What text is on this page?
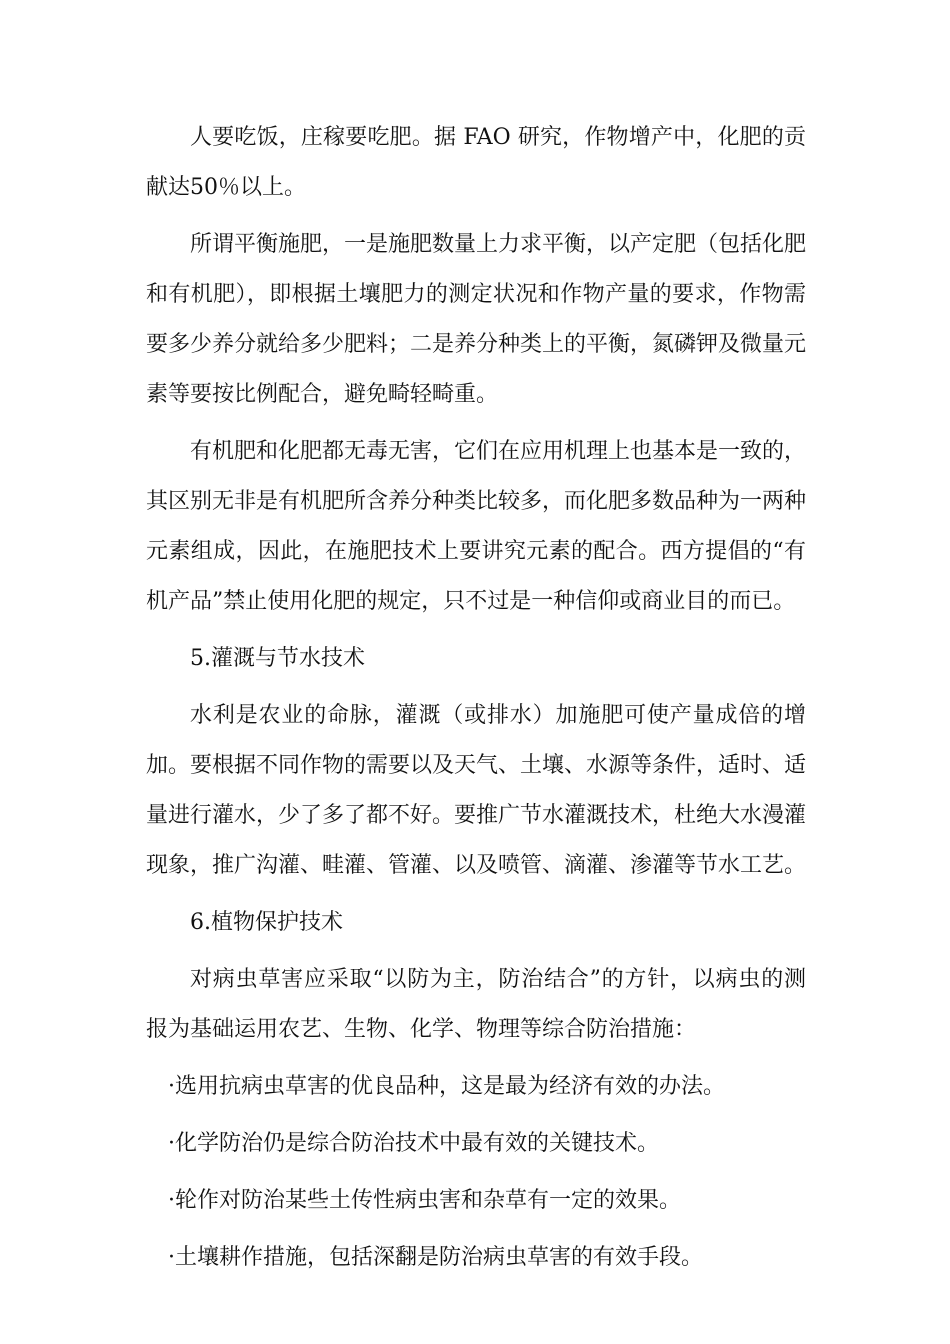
人要吃饭，庄稼要吃肥。据 FAO 研究，作物增产中，化肥的贡献达50％以上。

所谓平衡施肥，一是施肥数量上力求平衡，以产定肥（包括化肥和有机肥），即根据土壤肥力的测定状况和作物产量的要求，作物需要多少养分就给多少肥料；二是养分种类上的平衡，氮磷钾及微量元素等要按比例配合，避免畸轻畸重。

有机肥和化肥都无毒无害，它们在应用机理上也基本是一致的，其区别无非是有机肥所含养分种类比较多，而化肥多数品种为一两种元素组成，因此，在施肥技术上要讲究元素的配合。西方提倡的“有机产品”禁止使用化肥的规定，只不过是一种信仰或商业目的而已。

5.灌溉与节水技术

水利是农业的命脉，灌溉（或排水）加施肥可使产量成倍的增加。要根据不同作物的需要以及天气、土壤、水源等条件，适时、适量进行灌水，少了多了都不好。要推广节水灌溉技术，杜绝大水漫灌现象，推广沟灌、畦灌、管灌、以及喷管、滴灌、渗灌等节水工艺。

6.植物保护技术

对病虫草害应采取“以防为主，防治结合”的方针，以病虫的测报为基础运用农艺、生物、化学、物理等综合防治措施：

·选用抗病虫草害的优良品种，这是最为经济有效的办法。

·化学防治仍是综合防治技术中最有效的关键技术。

·轮作对防治某些土传性病虫害和杂草有一定的效果。

·土壤耕作措施，包括深翻是防治病虫草害的有效手段。
